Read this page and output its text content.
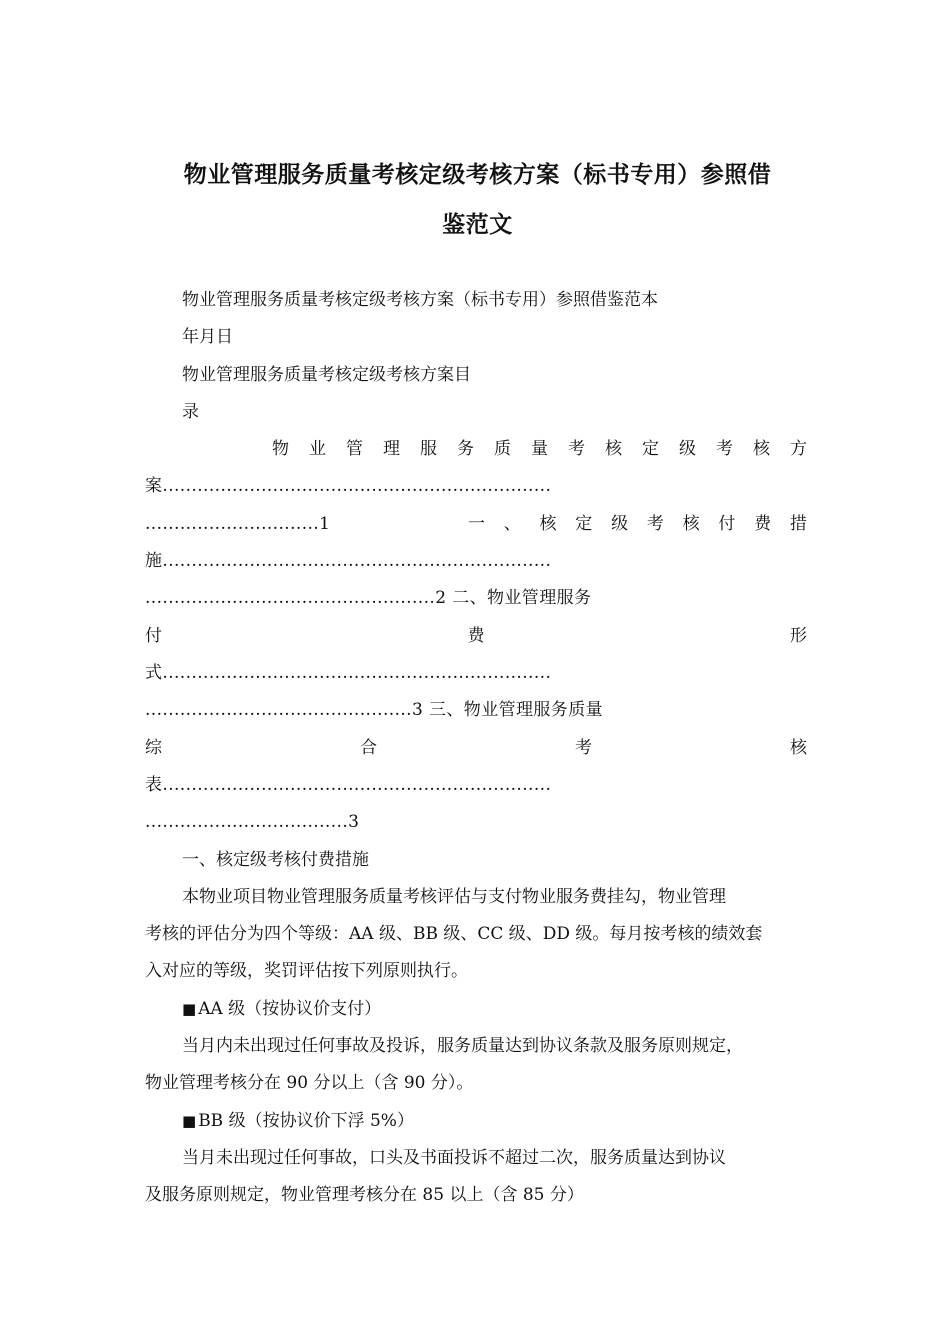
物业管理服务质量考核定级考核方案（标书专用）参照借
鉴范文
物业管理服务质量考核定级考核方案（标书专用）参照借鉴范本
年月日
物业管理服务质量考核定级考核方案目
录
物 业 管 理 服 务 质 量 考 核 定 级 考 核 方
案...................................................................
..............................1	一 、 核 定 级 考 核 付 费 措
施...................................................................
..................................................2 二、物业管理服务
付	费	形
式...................................................................
..............................................3 三、物业管理服务质量
综	合	考	核
表...................................................................
...................................3
一、核定级考核付费措施
本物业项目物业管理服务质量考核评估与支付物业服务费挂勾，物业管理
考核的评估分为四个等级：AA 级、BB 级、CC 级、DD 级。每月按考核的绩效套
入对应的等级，奖罚评估按下列原则执行。
■ AA 级（按协议价支付）
当月内未出现过任何事故及投诉，服务质量达到协议条款及服务原则规定，
物业管理考核分在 90 分以上（含 90 分）。
■ BB 级（按协议价下浮 5%）
当月未出现过任何事故，口头及书面投诉不超过二次，服务质量达到协议
及服务原则规定，物业管理考核分在 85 以上（含 85 分）
